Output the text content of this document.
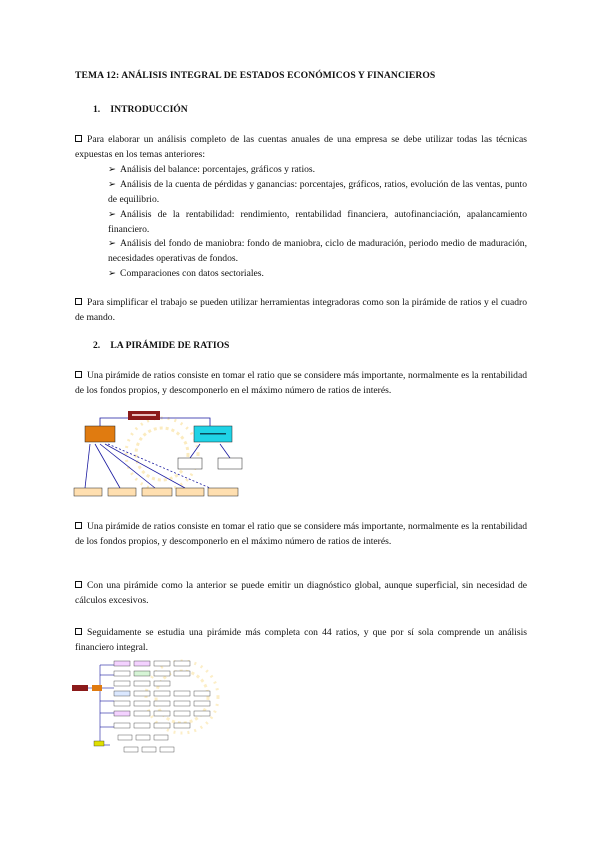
TEMA 12: ANÁLISIS INTEGRAL DE ESTADOS ECONÓMICOS Y FINANCIEROS
1. INTRODUCCIÓN
Para elaborar un análisis completo de las cuentas anuales de una empresa se debe utilizar todas las técnicas expuestas en los temas anteriores:
➢ Análisis del balance: porcentajes, gráficos y ratios.
➢ Análisis de la cuenta de pérdidas y ganancias: porcentajes, gráficos, ratios, evolución de las ventas, punto de equilibrio.
➢ Análisis de la rentabilidad: rendimiento, rentabilidad financiera, autofinanciación, apalancamiento financiero.
➢ Análisis del fondo de maniobra: fondo de maniobra, ciclo de maduración, periodo medio de maduración, necesidades operativas de fondos.
➢ Comparaciones con datos sectoriales.
Para simplificar el trabajo se pueden utilizar herramientas integradoras como son la pirámide de ratios y el cuadro de mando.
2. LA PIRÁMIDE DE RATIOS
Una pirámide de ratios consiste en tomar el ratio que se considere más importante, normalmente es la rentabilidad de los fondos propios, y descomponerlo en el máximo número de ratios de interés.
Una pirámide de ratios consiste en tomar el ratio que se considere más importante, normalmente es la rentabilidad de los fondos propios, y descomponerlo en el máximo número de ratios de interés.
Con una pirámide como la anterior se puede emitir un diagnóstico global, aunque superficial, sin necesidad de cálculos excesivos.
Seguidamente se estudia una pirámide más completa con 44 ratios, y que por sí sola comprende un análisis financiero integral.
